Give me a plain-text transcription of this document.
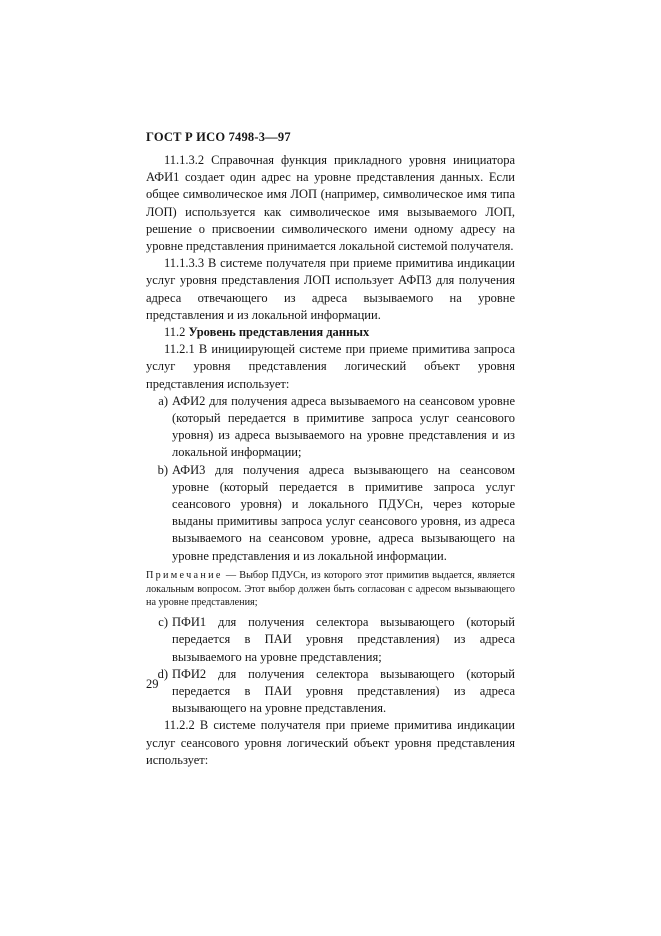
ГОСТ Р ИСО 7498-3—97

11.1.3.2 Справочная функция прикладного уровня инициатора АФИ1 создает один адрес на уровне представления данных. Если общее символическое имя ЛОП (например, символическое имя типа ЛОП) используется как символическое имя вызываемого ЛОП, решение о присвоении символического имени одному адресу на уровне представления принимается локальной системой получателя.

11.1.3.3 В системе получателя при приеме примитива индикации услуг уровня представления ЛОП использует АФП3 для получения адреса отвечающего из адреса вызываемого на уровне представления и из локальной информации.

11.2 Уровень представления данных

11.2.1 В инициирующей системе при приеме примитива запроса услуг уровня представления логический объект уровня представления использует:

a) АФИ2 для получения адреса вызываемого на сеансовом уровне (который передается в примитиве запроса услуг сеансового уровня) из адреса вызываемого на уровне представления и из локальной информации;

b) АФИ3 для получения адреса вызывающего на сеансовом уровне (который передается в примитиве запроса услуг сеансового уровня) и локального ПДУСн, через которые выданы примитивы запроса услуг сеансового уровня, из адреса вызываемого на сеансовом уровне, адреса вызывающего на уровне представления и из локальной информации.

Примечание — Выбор ПДУСн, из которого этот примитив выдается, является локальным вопросом. Этот выбор должен быть согласован с адресом вызывающего на уровне представления;

c) ПФИ1 для получения селектора вызывающего (который передается в ПАИ уровня представления) из адреса вызываемого на уровне представления;

d) ПФИ2 для получения селектора вызывающего (который передается в ПАИ уровня представления) из адреса вызывающего на уровне представления.

11.2.2 В системе получателя при приеме примитива индикации услуг сеансового уровня логический объект уровня представления использует:

29
